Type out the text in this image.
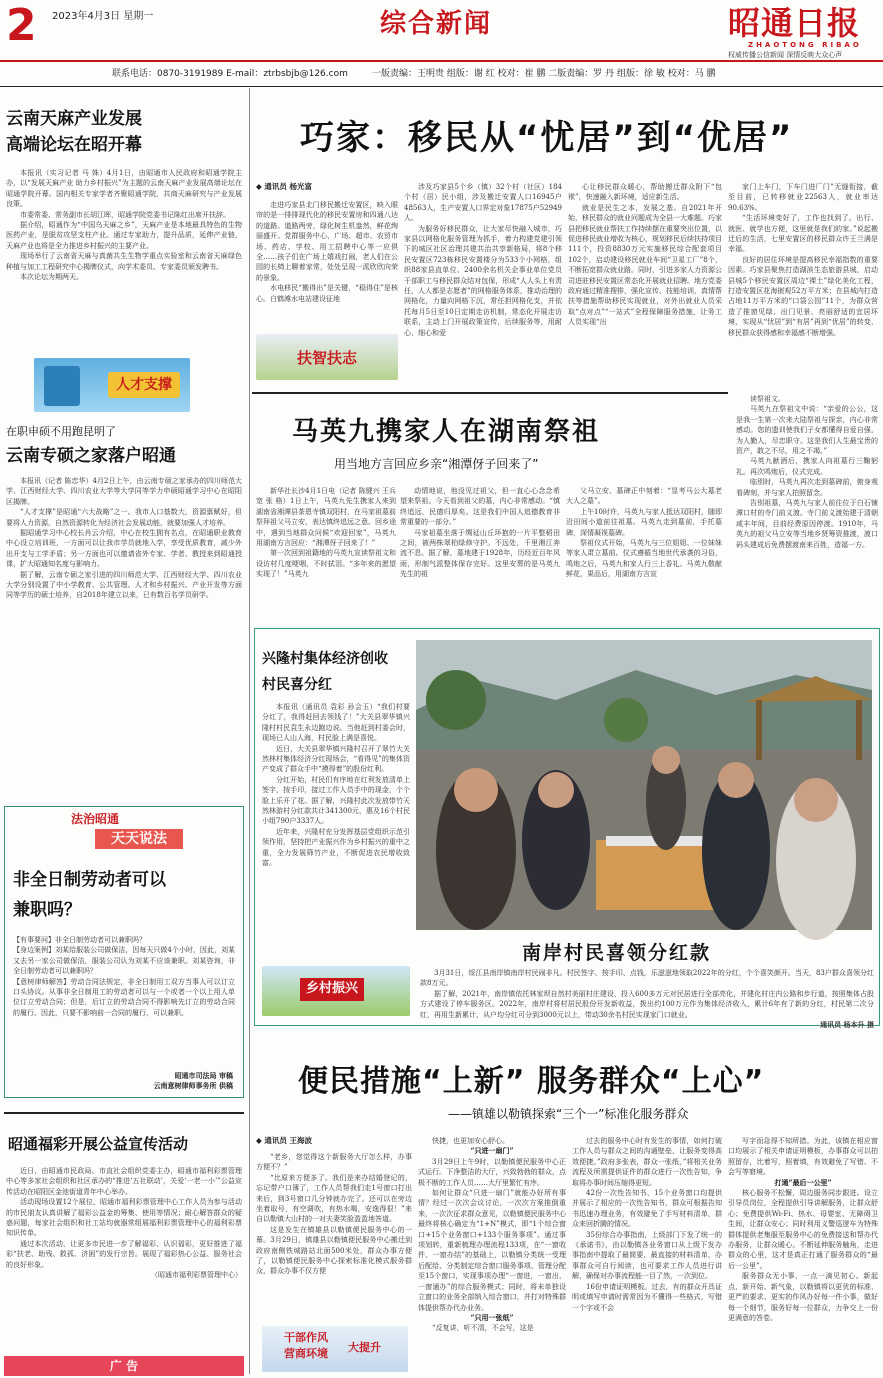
2 2023年4月3日 星期一	综合新闻	昭通日报
ZHAOTONG RIBAO
权威传播公信新闻 深情反映大众心声
联系电话：0870-3191989 E-mail：ztrbsbjb@126.com	一版责编：王明贵 组版：谢 红 校对：崔 鹏 二版责编：罗 丹 组版：徐 敏 校对：马 鹏
云南天麻产业发展
高端论坛在昭开幕

本报讯（实习记者 马 姝）4月1日，由昭通市人民政府和昭通学院主办，以“发展天麻产业 助力乡村振兴”为主题的云南天麻产业发展高端论坛在昭通学院开幕。国内相关专家学者齐聚昭通学院，共商天麻研究与产业发展良策。

市委常委、常务副市长胡江晖，昭通学院党委书记陈红出席开扶辞。

据介绍，昭通作为“中国乌天麻之乡”，天麻产业是本地最具特色的生物医药产业，是脱贫攻坚支柱产业。通过专家助力，提升品质，延伸产业链，天麻产业也将是全力推进乡村振兴的主要产业。

现场举行了云南省天麻与真菌共生生物学重点实验室和云南省天麻绿色种植与加工工程研究中心揭牌仪式，向学术委员、专家委员颁发聘书。

本次论坛为期两天。

人才支撑
在职申硕不用跑昆明了
云南专硕之家落户昭通

本报讯（记者 陈忠华）4月2日上午，由云南专硕之家承办的四川师范大学、江西财经大学、四川农业大学等大学同等学力申硕昭通学习中心在昭阳区揭牌。

“人才支撑”是昭通“六大战略”之一。我市人口基数大，资源禀赋好，但要将人力资源，自然资源转化为经济社会发展动能，就要加强人才培养。

掘昭通学习中心校长肖云介绍，中心在校生拥有名点，在昭通职业教育中心设立培训班，一方面可以让我市学员就地入学，享受优质教育，减少外出开支与工学矛盾；另一方面也可以邀请省外专家、学者、教授来到昭通授课，扩大昭通知名度与影响力。

据了解，云南专硕之家引进的四川师范大学、江西财经大学、四川农业大学分别设置了中小学教育、公共管理、人才和乡村振兴、产业开发等方面同等学历的硕士培养，自2018年建立以来，已有数百名学员研学。

法治昭通
天天说法
非全日制劳动者可以
兼职吗？
【有事要问】非全日制劳动者可以兼职吗？
【身边案例】刘某给服装公司做保洁，因每天只做4个小时，因此，刘某又去另一家公司做保洁，服装公司认为刘某不应该兼职。刘某咨询，非全日制劳动者可以兼职吗？
【意树律师解答】劳动合同法规定，非全日制用工双方当事人可以订立口头协议。从事非全日制用工的劳动者可以与一个或者一个以上用人单位订立劳动合同；但是，后订立的劳动合同不得影响先订立的劳动合同的履行。因此，只要不影响前一合同的履行，可以兼职。
昭通市司法局 审稿
云南意树律师事务所 供稿
昭通福彩开展公益宣传活动

近日，由昭通市民政局、市直社会组织党委主办，昭通市福利彩票管理中心等多家社会组织和社区承办的“推进‘五社联动’，关爱‘一老一小’”公益宣传活动在昭阳区金池街道青年中心举办。

活动现场设置12个展位，昭通市福利彩票管理中心工作人员为参与活动的市民朋友认真讲解了福彩公益金的筹集、使用等情况；耐心解答群众的疑惑问题，每家社会组织和社工站均就器常组展福利彩票管理中心的福利彩票知识传单。

通过本次活动，让更多市民进一步了解福彩、认识福彩，更好推进了福彩“扶老、助残、救孤、济困”的发行宗旨。展现了福彩热心公益、服务社会的良好形象。

（昭通市福利彩票管理中心）

广 告
巧家：移民从“忧居”到“优居”
◆ 通讯员 杨光富

走进巧家县北门移民搬迁安置区，映入眼帘的是一排排现代化的移民安置房和四通八达的道路。道路两旁，绿化树生机盎然，鲜花绚丽盛开。党群服务中心、广场、超市、农贸市场、药店、学校、用工招聘中心等一应俱全……孩子们在广场上嬉戏打闹，老人们在公园的长椅上聊着家常，处处呈现一派欣欣向荣的景象。

水电移民“搬得出”是关键，“稳得住”是核心。白鹤滩水电站建设征地

扶智扶志

涉及巧家县5个乡（镇）32个村（社区）184个村（居）民小组，涉及搬迁安置人口16945户48563人，生产安置人口界定对象17875户52949人。

为服务好移民群众，让大家尽快融入城市，巧家县以网格化服务管理为抓手，着力构建党建引领下的城区社区治理共建共治共享新格局，将8个移民安置区723栋移民安置楼分为533个小网格，组织88家县直单位、2400余名机关企事业单位党员干部职工与移民群众结对包保，形成“人人头上有责任，人人都是志愿者”的网格服务体系，推动治理的网格化，力量向网格下沉，常任担网格化支，并依托每月5日至10日定期走访机制，常态化开展走访联系，主动上门开展政策宣传，后续服务等，用耐心、细心和爱

心让移民群众暖心，帮助搬迁群众附下“包袱”，快速融入新环境，适应新生活。

就业是民生之本，发展之基。自2021年开始，移民群众的就业问题成为全县一大难题。巧家县把移民就业帮扶工作持续摆在重要突出位置，以促进移民就业增收为核心，规划移民后续扶持项目111个，投资8830万元实施移民综合配套项目102个，启动建设移民就业车间“卫星工厂”8个，不断拓宽群众就业路。同时，引进多家人力资源公司进驻移民安置区常态化开展就业招聘。地方党委政府通过精准搜排，强化宣传、技能培训，真情帮扶等措施帮助移民实现就业，对外出就业人员采取“点对点”“一站式”全程保障服务措施，让务工人员实现“出

家门上车门，下车门进厂门”无缝衔接，截至目前，已转移就业22563人，就业率达90.63%。

“生活环境变好了，工作也找到了。出行、就医、就学也方便，这里就是我们的家。”说起搬迁后的生活，七里安置区的移民群众许王兰满是幸福。

良好的居住环境是提高移民幸福指数的重要因素。巧家县聚焦打造湖滨生态旅游县城，启动县城5个移民安置区周边“裸土”绿化美化工程，打造安置区花海嵌观52万平方米；在县城内打造占地11万平方米的“口袋公园”11个，为群众营造了推窗见绿、出门见景、亮丽舒适的宜居环境，实现从“忧居”到“有居”再到“优居”的转变，移民群众获得感和幸福感不断增强。

马英九携家人在湖南祭祖
用当地方言回应乡亲“湘潭伢子回来了”

新华社长沙4月1日电（记者 陈键兴 王兵宽 张 格）1日上午，马英九先生携家人来到湖南省湘潭县茶恩寺镇双阳村，在马家祖墓前祭拜祖父马立安，表达慎终追远之意。回乡途中，遇到当地群众问候“欢迎回家”，马英九用湖南方言回应：“湘潭伢子回来了！”

第一次回到祖籍地的马英九宣读祭祖文和设访村几度哽咽，不时拭泪。“多年来的愿望实现了！”马英九

动情地说，他没见过祖父，但一直心心念念希望来祭祖。今天看到祖父的墓，内心非常感动。“慎终追远，民德归厚矣。这是我们中国人追德教育非常重要的一部分。”

马家祖墓坐落于绸延山丘环抱的一片平整稻田之间，被两株翠柏绿修守护。不远处，千里湘江奔流不息。据了解，墓地建于1928年，历经近百年风雨，形制气派整体保存完好。这里安葬的是马英九先生的祖

父马立安、墓碑正中刻着：“显考马公大墓老大人之墓”。

上午10时许，马英九与家人抵达双阳村，随即沿田间小道前往祖墓。马英九走到墓前，手托墓碑，深情凝视墓碑。

祭祖仪式开始，马英九与三位姐姐、一位妹妹等家人肃立墓前。仪式遵循当地世代承袭的习俗，鸣炮之后，马英九和家人行三上香礼。马英九敬献鲜花，果品后，用湖南方言宣

读祭祖文。

马英九在祭祖文中说：“亲爱的公公，这是我一生第一次来大陆祭祖与探亲，内心非常感动。您的遗训使我们子女都懂得自爱自强，为人勤人，尽忠职守。这是我们人生最宝贵的资产，敢之不尽，用之不竭。”

马英九献酒后，携家人向祖墓行三鞠躬礼。再次鸣炮后，仪式完成。

临别时，马英九再次走到墓碑前，俯身观看碑刻，并与家人拍照留念。

告别祖墓，马英九与家人前往位于白石铺潭口村的寺门前义渡。寺门前义渡始建于清朝咸丰年间，目前经费原因停渡。1910年，马英九的祖父马立安等当地乡贤筹资推渡，渡口码头建成后免费摆渡南来百姓，造福一方。

兴隆村集体经济创收
村民喜分红

本报讯（通讯员 袁彩 孙会玉）“我们村要分红了，我得赶回去领钱了！”大关县翠华镇兴隆村村民袁生永边跑边说。当他赶到村委会时，现场已人山人海，村民脸上满是喜悦。

近日，大关县翠华镇兴隆村召开了翠竹大关然林村集体经济分红现场会，“看得见”的集体资产变成了群众手中“摸得着”的股份红利。

分红开始，村民们有序地在红利发放清单上签字，按手印，接过工作人员手中的现金，个个脸上乐开了花。据了解，兴隆村此次发放带竹天然林游村分红款共计341300元，惠及16个村民小组790户3337人。

近年来，兴隆村充分发挥基层党组织示范引领作用，坚持把产业振兴作为乡村振兴的重中之重，全力发展筛竹产业，不断促进农民增收致富。

乡村振兴
南岸村民喜领分红款
3月31日，绥江县南岸镇南岸村民闹非凡。村民签字、按手印、点钱，乐滋滋地领取2022年的分红，个个喜笑颜开。当天，83户群众喜领分红款8万元。
据了解，2021年，南岸镇依托林家坝自然村美丽村庄建设，投入600多万元对民居进行全部亮化，并建化村庄内公路和步行道，按照集体占股方式建设了停车服务区。2022年，南岸村将村居民股份开发新收益，拨出约100万元作为集体经济收入，累计6年有了新的分红，村民第二次分红，再用生新累计，从户均分红可分到3000元以上，带动30余名村民实现家门口就业。
通讯员 杨本升 摄
便民措施“上新” 服务群众“上心”
——镇雄以勒镇探索“三个一”标准化服务群众
◆ 通讯员 王海波

“老乡，您觉得这个新服务大厅怎么样，办事方便不？”

“比原来方便多了。我们是来办结婚登记的，忘记带户口簿了，工作人员帮我们走1号窗口打出来后，到3号窗口几分钟就办完了。还可以在旁边坐着取号，有空调吹，有热水喝，安逸得很！”来自以勒镇大山村的一对夫妻笑脸盈盈地答道。

这是发生在镇雄县以勒镇便民服务中心的一幕。3月29日，镇雄县以勒镇便民服务中心搬迁到政府南侧铁城路站北面500米处，群众办事方便了，以勒镇便民服务中心探索标准化模式服务群众，群众办事不仅方便

干部作风
营商环境 大提升

快捷，也更加安心舒心。

“只进一扇门”

3月29日上午9时，以勒镇便民服务中心正式运行。下净整洁的大厅，兴致勃勃的群众，点极不断的工作人员……大厅里繁忙有序。

如何让群众“只进一扇门”就能办好所有事情？经过一次次会议讨论，一次次方案推倒重来，一次次征求群众意见，以勒镇便民服务中心最终将核心确定为“1+N”模式，即“1个综合窗口+15个业务窗口+133个服务事项”。通过事项划转，重新梳理办理流程133项，在“一窗收件、一窗办结”的基础上，以勒镇分类统一受理后配给、分类制定综合窗口服务事项、管理分配至15个窗口，实现事项办理“一窗进，一窗出，一窗通办”的综合服务模式；同时，将未单独设立窗口的业务全部纳入综合窗口，并打对特殊群体提供帮办代办业务。

“只用一张纸”

“反复讲，听不清，不会写，这是

过去的服务中心时有发生的事情，如何打破工作人员与群众之间的沟通壁垒，让服务变得高效便捷。”政府多张表，群众一张纸，”将相关业务流程及所需提供证件的群众进行一次性告知，争取将办事时间压缩得更短。

42份一次性告知书、15个业务窗口均提供并展示了相应的一次性告知书，群众可根据告知书迅速办理业务，有效避免了手写材料清单，群众来回折腾的情况。

35份综合办事指南，上级部门下发了统一的《承诺书》，由以勒镇各业务窗口从上级下发办事指南中提取了最简要，最直接的材料清单，办事群众可自行阅读，也可要求工作人员进行讲解，确保对办事流程能一目了然，一次到位。

16份申请证明模板。过去，有的群众开具证明或填写申请时需常因为不懂得一些格式，写错一个字或不会

写字而急得不知所措。为此，该镇在相应窗口均展示了相关申请证明模板，办事群众可以拍照留存，比着写，照着填，有效避免了写错、不会写等窘境。

打通“最后一公里”

核心服务不松懈，周边服务同步跟进。设立引导员岗位，全程提供引导讲解服务，让群众舒心；免费提供Wi-Fi、热水、母婴室、无障碍卫生间，让群众安心；同时利用义警巡逻车为特殊群体提供老集服至服务中心的免费接送和帮办代办服务，让群众暖心。不断延伸服务触角，走进群众的心里，这才是真正打通了服务群众的“最后一公里”。

服务群众无小事，一点一滴见初心。新起点、新开始、新气象，以勒镇将以更优的标准、更严的要求、更实的作风办好每一件小事，做好每一个细节，服务好每一位群众，力争交上一份更满意的答卷。
